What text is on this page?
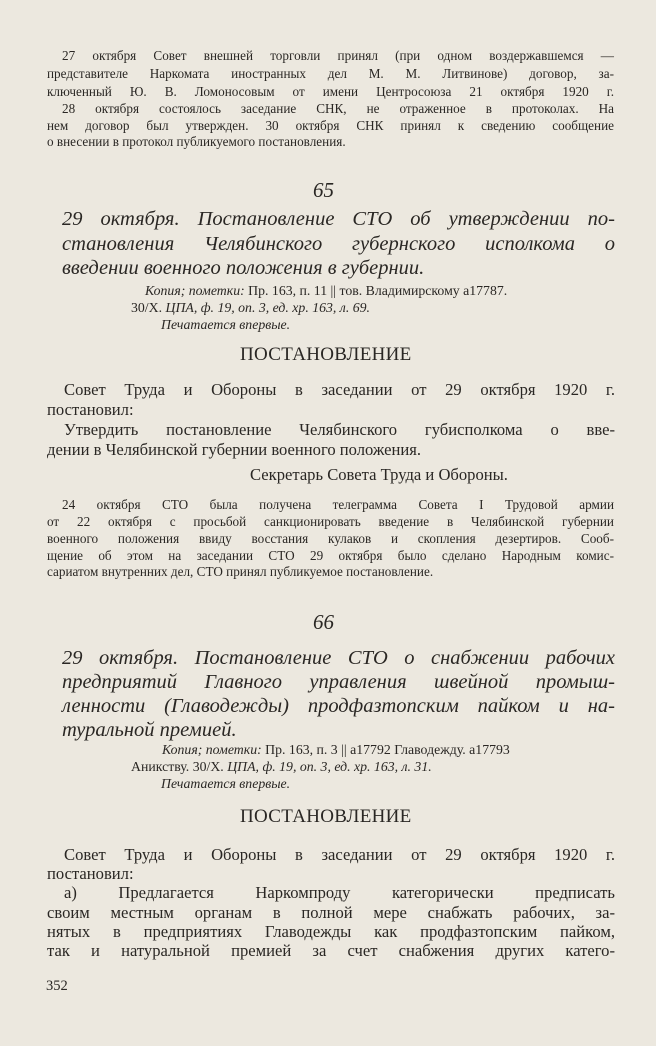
27 октября Совет внешней торговли принял (при одном воздержавшемся —

представителе Наркомата иностранных дел М. М. Литвинове) договор, за-

ключенный Ю. В. Ломоносовым от имени Центросоюза 21 октября 1920 г.

28 октября состоялось заседание СНК, не отраженное в протоколах. На

нем договор был утвержден. 30 октября СНК принял к сведению сообщение

о внесении в протокол публикуемого постановления.

65

29 октября. Постановление СТО об утверждении по-

становления Челябинского губернского исполкома о

введении военного положения в губернии.

Копия; пометки: Пр. 163, п. 11 || тов. Владимирскому а17787.

30/Х. ЦПА, ф. 19, оп. 3, ед. хр. 163, л. 69.

Печатается впервые.

ПОСТАНОВЛЕНИЕ

Совет Труда и Обороны в заседании от 29 октября 1920 г.

постановил:

Утвердить постановление Челябинского губисполкома о вве-

дении в Челябинской губернии военного положения.

Секретарь Совета Труда и Обороны.

24 октября СТО была получена телеграмма Совета I Трудовой армии

от 22 октября с просьбой санкционировать введение в Челябинской губернии

военного положения ввиду восстания кулаков и скопления дезертиров. Сооб-

щение об этом на заседании СТО 29 октября было сделано Народным комис-

сариатом внутренних дел, СТО принял публикуемое постановление.

66

29 октября. Постановление СТО о снабжении рабочих

предприятий Главного управления швейной промыш-

ленности (Главодежды) продфазтопским пайком и на-

туральной премией.

Копия; пометки: Пр. 163, п. 3 || а17792 Главодежду. а17793

Аникству. 30/Х. ЦПА, ф. 19, оп. 3, ед. хр. 163, л. 31.

Печатается впервые.

ПОСТАНОВЛЕНИЕ

Совет Труда и Обороны в заседании от 29 октября 1920 г.

постановил:

а) Предлагается Наркомпроду категорически предписать

своим местным органам в полной мере снабжать рабочих, за-

нятых в предприятиях Главодежды как продфазтопским пайком,

так и натуральной премией за счет снабжения других катего-

352
